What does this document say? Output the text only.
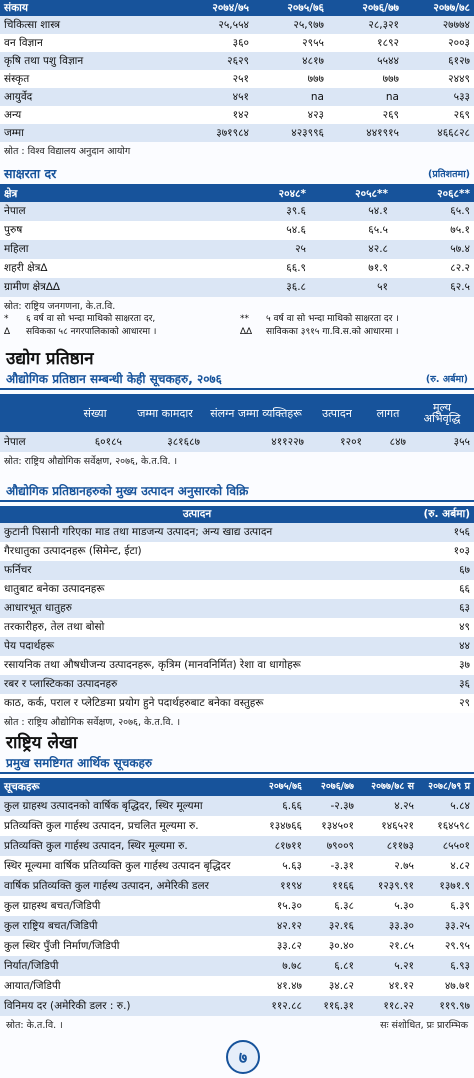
संकाय	२०७४/७५	२०७५/७६	२०७६/७७	२०७७/७८
चिकित्सा शास्त्र	२५,५५४	२५,९७७	२८,३२१	२७७७४
वन विज्ञान	३६०	२९५५	१८९२	२००३
कृषि तथा पशु विज्ञान	२६२९	४८१७	५५४४	६१२७
संस्कृत	२५१	७७७	७७७	२४४९
आयुर्वेद	४५१	na	na	५३३
अन्य	१४२	४२३	२६९	२६९
जम्मा	३७१९८४	४२३९९६	४४१९१५	४६६८२८
स्रोत : विश्व विद्यालय अनुदान आयोग
साक्षरता दर	(प्रतिशतमा)
क्षेत्र	२०४८*	२०५८**	२०६८**
नेपाल	३९.६	५४.१	६५.९
पुरुष	५४.६	६५.५	७५.१
महिला	२५	४२.८	५७.४
शहरी क्षेत्र∆	६६.९	७१.९	८२.२
ग्रामीण क्षेत्र∆∆	३६.८	५१	६२.५
स्रोत: राष्ट्रिय जनगणना, के.त.वि.
*	६ वर्ष वा सो भन्दा माथिको साक्षरता दर,	**	५ वर्ष वा सो भन्दा माथिको साक्षरता दर ।
∆	सविकका ५८ नगरपालिकाको आधारमा ।	∆∆	साविकका ३९१५ गा.वि.स.को आधारमा ।
उद्योग प्रतिष्ठान
औद्योगिक प्रतिष्ठान सम्बन्धी केही सूचकहरु, २०७६	(रु. अर्बमा)
	संख्या	जम्मा कामदार	संलग्न जम्मा व्यक्तिहरू	उत्पादन	लागत	मूल्य अभिवृद्धि
नेपाल	६०१८५	३८१६८७	४११२२७	१२०१	८४७	३५५
स्रोत: राष्ट्रिय औद्योगिक सर्वेक्षण, २०७६, के.त.वि. ।
औद्योगिक प्रतिष्ठानहरुको मुख्य उत्पादन अनुसारको विक्रि
उत्पादन	(रु. अर्बमा)
कुटानी पिसानी गरिएका माड तथा माडजन्य उत्पादन; अन्य खाद्य उत्पादन	१५६
गैरधातुका उत्पादनहरू (सिमेन्ट, ईटा)	१०३
फर्निचर	६७
धातुबाट बनेका उत्पादनहरू	६६
आधारभूत धातुहरु	६३
तरकारीहरु, तेल तथा बोसो	४९
पेय पदार्थहरू	४४
रसायनिक तथा औषधीजन्य उत्पादनहरू, कृत्रिम (मानवनिर्मित) रेशा वा धागोहरू	३७
रबर र प्लास्टिकका उत्पादनहरु	३६
काठ, कर्क, पराल र प्लेटिङमा प्रयोग हुने पदार्थहरुबाट बनेका वस्तुहरू	२९
स्रोत : राष्ट्रिय औद्योगिक सर्वेक्षण, २०७६, के.त.वि. ।
राष्ट्रिय लेखा
प्रमुख समष्टिगत आर्थिक सूचकहरु
सूचकहरू	२०७५/७६	२०७६/७७	२०७७/७८ स	२०७८/७९ प्र
कुल ग्राहस्थ उत्पादनको वार्षिक बृद्धिदर, स्थिर मूल्यमा	६.६६	-२.३७	४.२५	५.८४
प्रतिव्यक्ति कुल गार्हस्थ उत्पादन, प्रचलित मूल्यमा रु.	१३४७६६	१३४५०१	१४६५२१	१६४५९८
प्रतिव्यक्ति कुल गार्हस्थ उत्पादन, स्थिर मूल्यमा रु.	८१७११	७९००९	८११७३	८५५०१
स्थिर मूल्यमा वार्षिक प्रतिव्यक्ति कुल गार्हस्थ उत्पादन बृद्धिदर	५.६३	-३.३१	२.७५	४.८२
वार्षिक प्रतिव्यक्ति कुल गार्हस्थ उत्पादन, अमेरिकी डलर	११९४	११६६	१२३९.९१	१३७१.९
कुल ग्राहस्थ बचत/जिडिपी	१५.३०	६.३८	५.३०	६.३९
कुल राष्ट्रिय बचत/जिडिपी	४२.१२	३२.१६	३३.३०	३३.२५
कुल स्थिर पुँजी निर्माण/जिडिपी	३३.८२	३०.४०	२१.८५	२९.९५
निर्यात/जिडिपी	७.७८	६.८१	५.२१	६.९३
आयात/जिडिपी	४१.४७	३४.८२	४१.१२	४७.७१
विनिमय दर (अमेरिकी डलर : रु.)	११२.८८	११६.३१	११८.२२	११९.९७
स्रोत: के.त.वि. ।	सः संशोधित, प्रः प्रारम्भिक
७
